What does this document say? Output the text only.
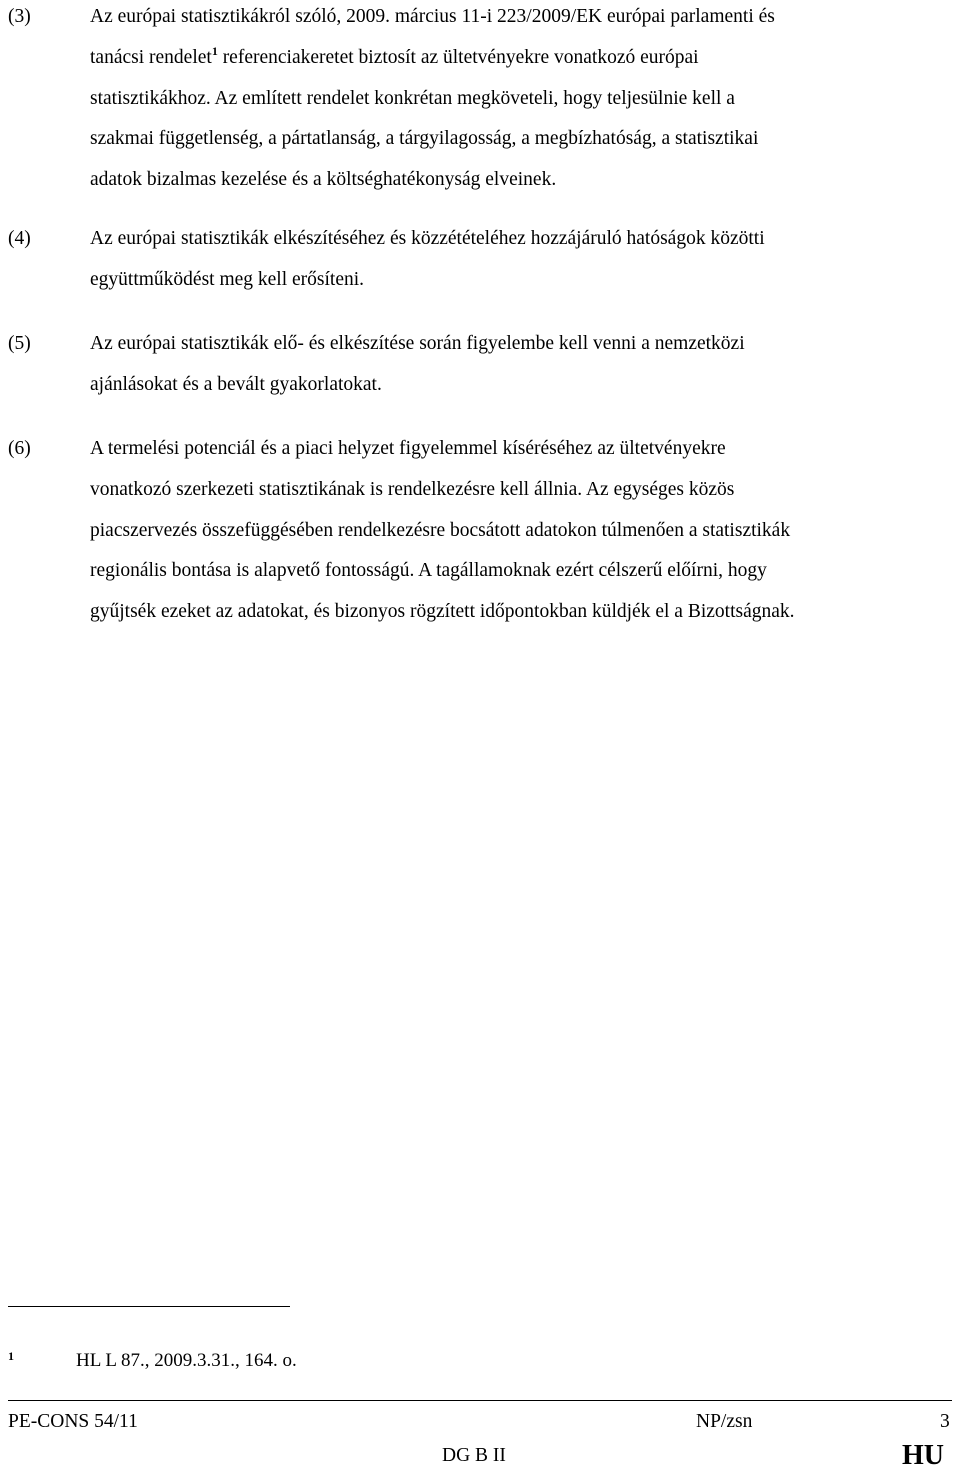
(3)	Az európai statisztikákról szóló, 2009. március 11-i 223/2009/EK európai parlamenti és
tanácsi rendelet$^1$ referenciakeretet biztosít az ültetvényekre vonatkozó európai
statisztikákhoz. Az említett rendelet konkrétan megköveteli, hogy teljesülnie kell a
szakmai függetlenség, a pártatlanság, a tárgyilagosság, a megbízhatóság, a statisztikai
adatok bizalmas kezelése és a költséghatékonyság elveinek.
(4)	Az európai statisztikák elkészítéséhez és közzétételéhez hozzájáruló hatóságok közötti
együttműködést meg kell erősíteni.
(5)	Az európai statisztikák elő- és elkészítése során figyelembe kell venni a nemzetközi
ajánlásokat és a bevált gyakorlatokat.
(6)	A termelési potenciál és a piaci helyzet figyelemmel kíséréséhez az ültetvényekre
vonatkozó szerkezeti statisztikának is rendelkezésre kell állnia. Az egységes közös
piacszervezés összefüggésében rendelkezésre bocsátott adatokon túlmenően a statisztikák
regionális bontása is alapvető fontosságú. A tagállamoknak ezért célszerű előírni, hogy
gyűjtsék ezeket az adatokat, és bizonyos rögzített időpontokban küldjék el a Bizottságnak.
1	HL L 87., 2009.3.31., 164. o.
PE-CONS 54/11	NP/zsn	3
DG B II	HU
